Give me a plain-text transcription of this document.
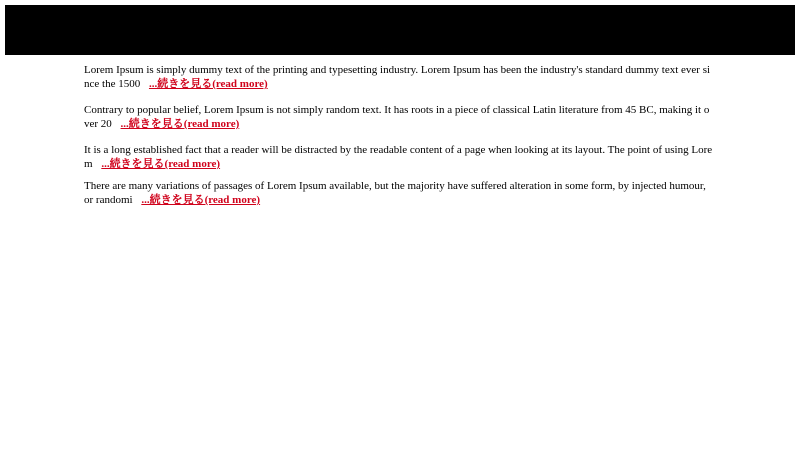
Lorem Ipsum is simply dummy text of the printing and typesetting industry. Lorem Ipsum has been the industry's standard dummy text ever since the 1500 ...続きを見る(read more)

Contrary to popular belief, Lorem Ipsum is not simply random text. It has roots in a piece of classical Latin literature from 45 BC, making it over 20 ...続きを見る(read more)

It is a long established fact that a reader will be distracted by the readable content of a page when looking at its layout. The point of using Lorem ...続きを見る(read more)

There are many variations of passages of Lorem Ipsum available, but the majority have suffered alteration in some form, by injected humour, or randomi ...続きを見る(read more)
